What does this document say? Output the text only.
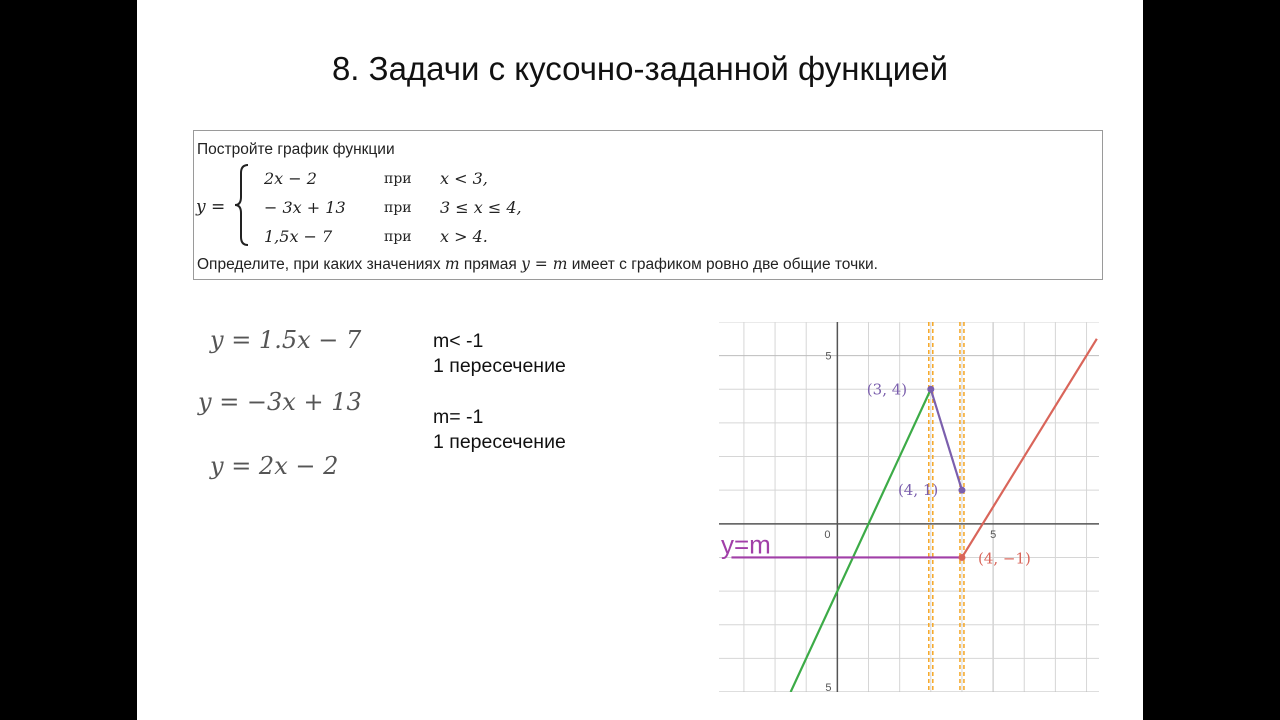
8. Задачи с кусочно-заданной функцией
Постройте график функции
y =
2x − 2	при x < 3,
− 3x + 13	при 3 ≤ x ≤ 4,
1,5x − 7	при x > 4.
Определите, при каких значениях m прямая y = m имеет с графиком ровно две общие точки.
y = 1.5x − 7
y = −3x + 13
y = 2x − 2
m< -1
1 пересечение
m= -1
1 пересечение
0	5
5
5
(3, 4)
(4, 1)
(4, −1)
y=m
